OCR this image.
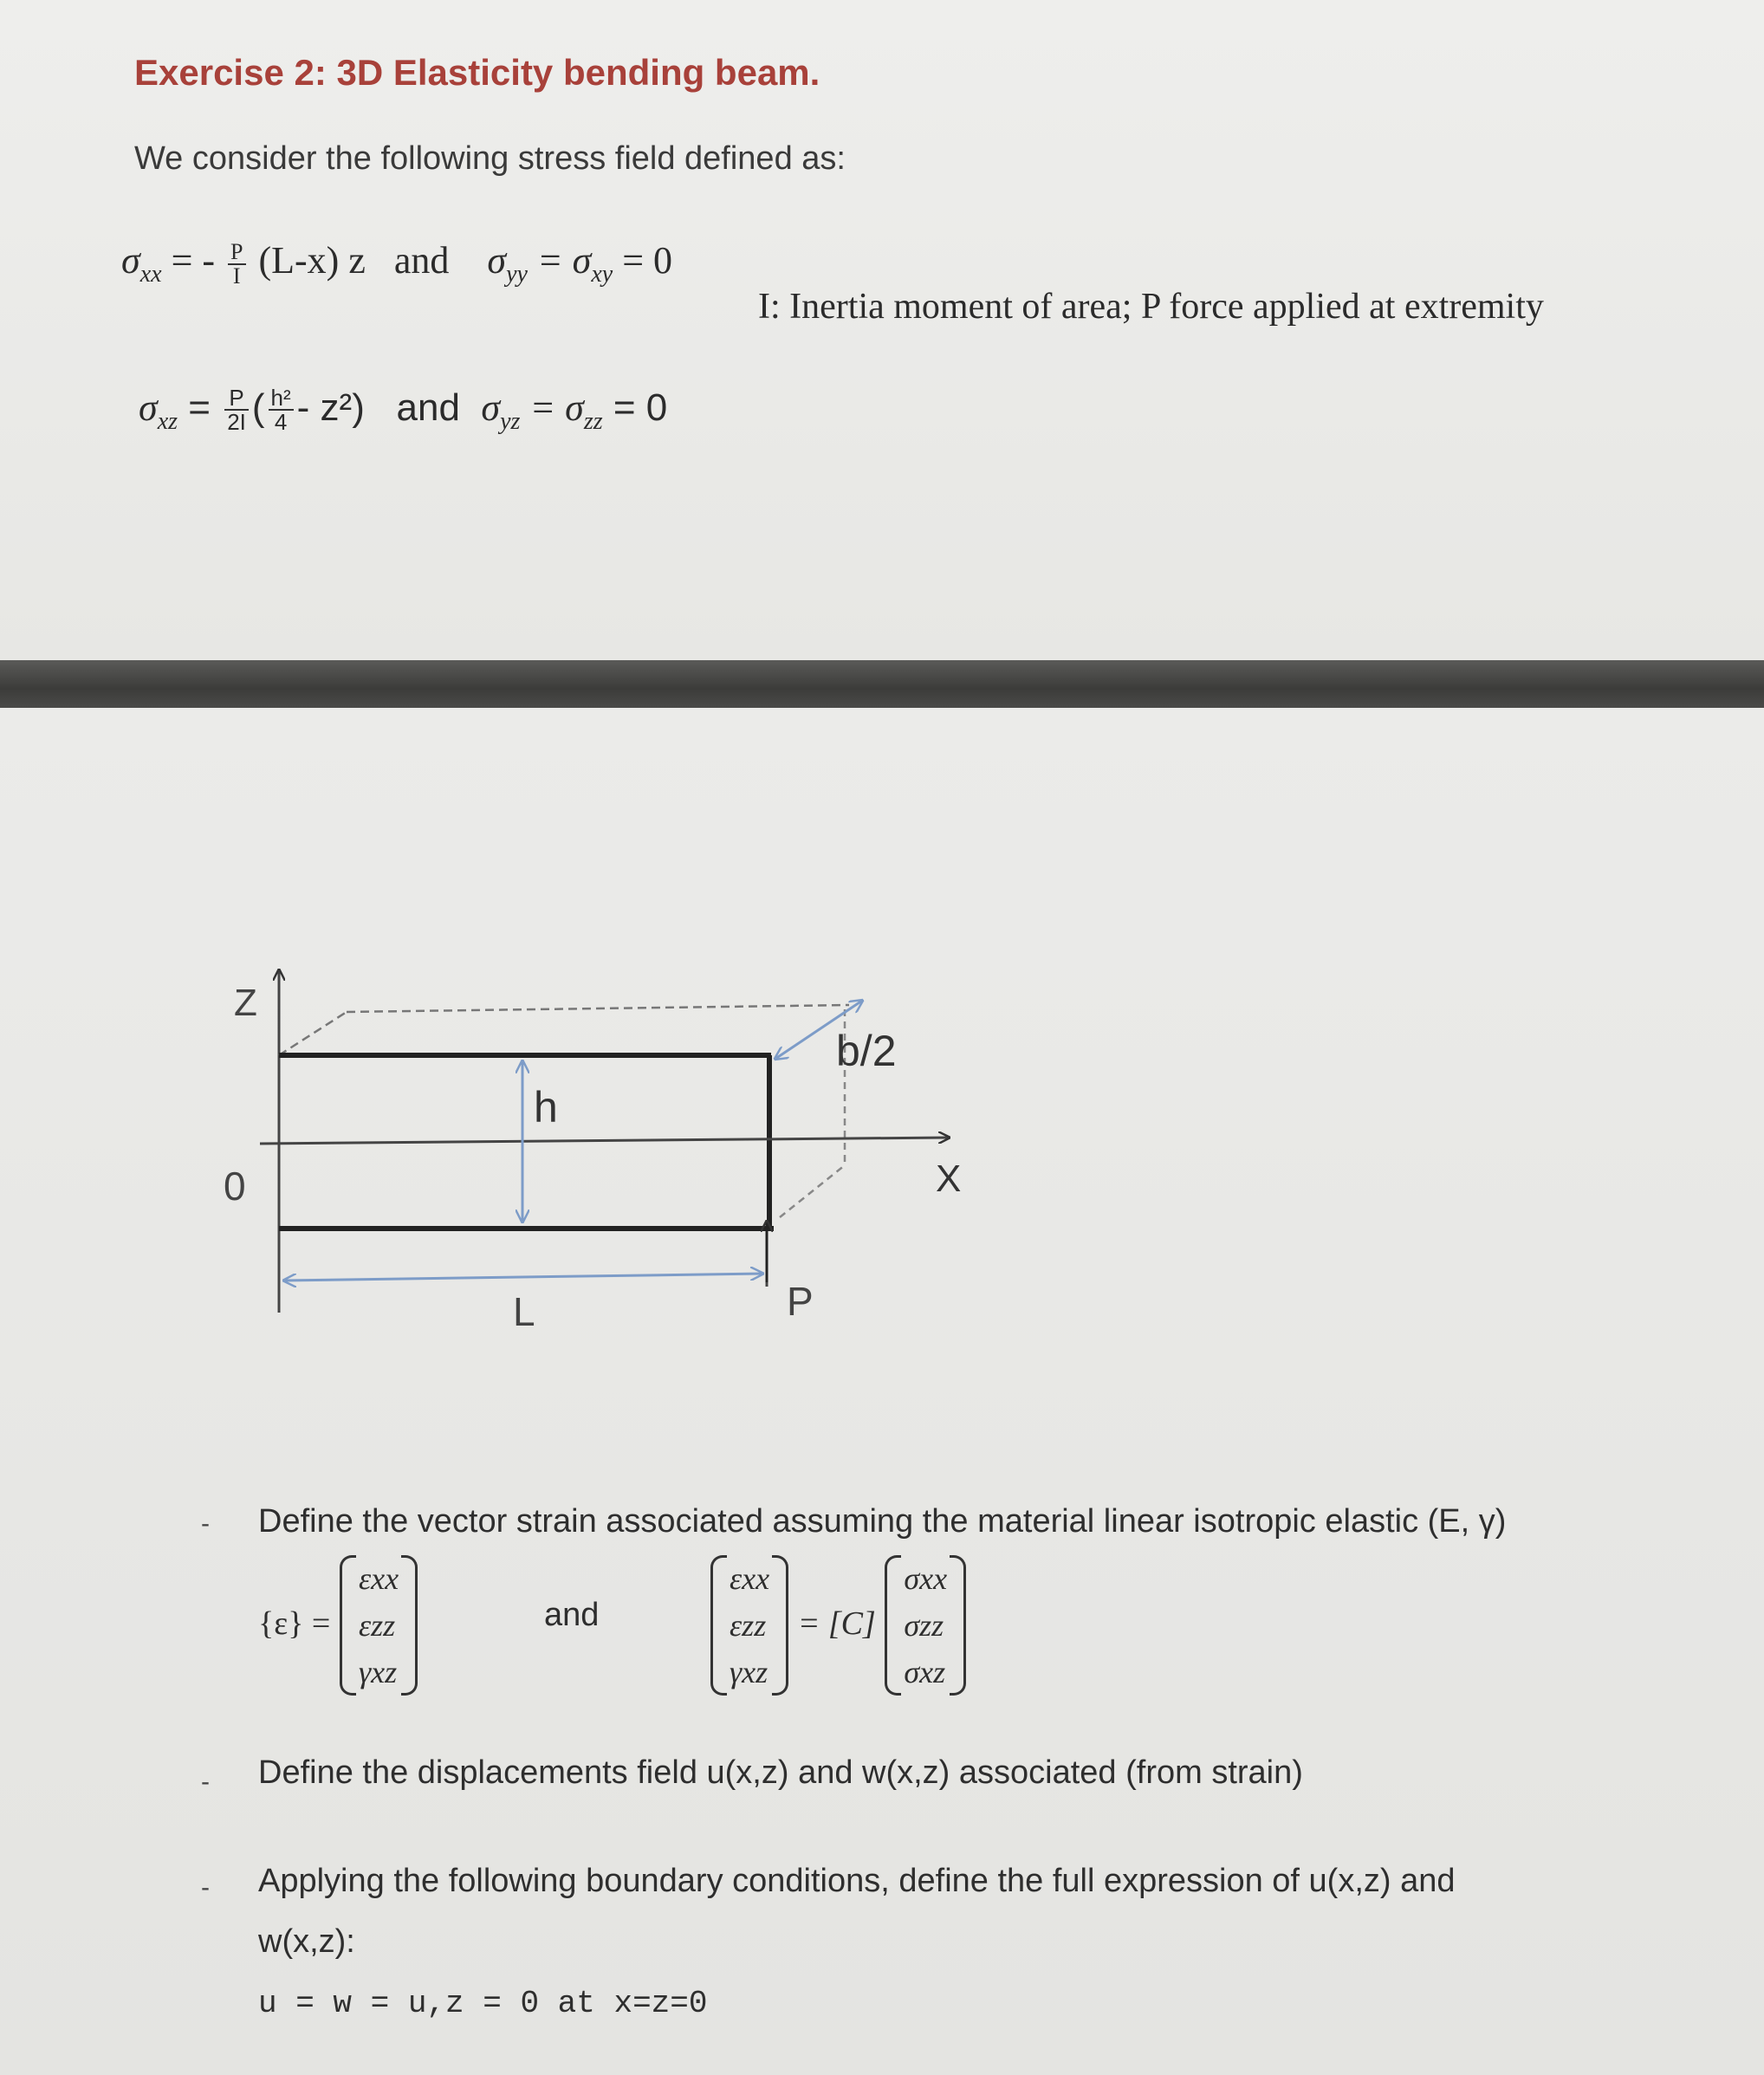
Exercise 2: 3D Elasticity bending beam.
We consider the following stress field defined as:
$\sigma_{xx}$ = - $\frac{P}{I} (L-x)$ z and $\sigma_{yy} = \sigma_{xy} = 0$
I: Inertia moment of area; P force applied at extremity
$\sigma_{xz} = \frac{P}{2I}$ ( $\frac{\text{h²}}{4} - z^2$) and $\sigma_{yz} = \sigma_{zz} = 0$
Z
0	X
h
L	P
b/2
- Define the vector strain associated assuming the material linear isotropic elastic (E, γ)
{ε} =
εxx
εzz
γxz
and
εxx
εzz
γxz
= [C]
σxx
σzz
σxz
- Define the displacements field u(x,z) and w(x,z) associated (from strain)
- Applying the following boundary conditions, define the full expression of u(x,z) and
w(x,z):
u = w = u,z = 0 at x=z=0
